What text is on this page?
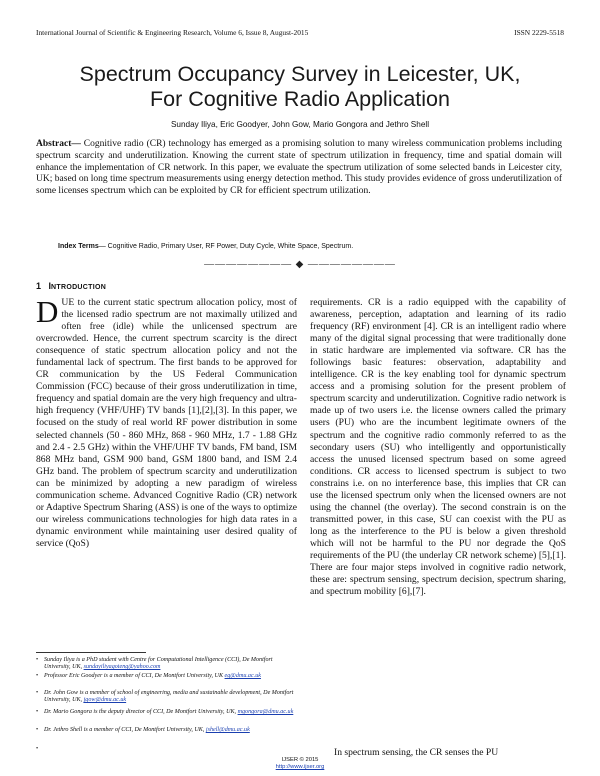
International Journal of Scientific & Engineering Research, Volume 6, Issue 8, August-2015	ISSN 2229-5518
Spectrum Occupancy Survey in Leicester, UK,
For Cognitive Radio Application
Sunday Iliya, Eric Goodyer, John Gow, Mario Gongora and Jethro Shell
Abstract— Cognitive radio (CR) technology has emerged as a promising solution to many wireless communication problems including spectrum scarcity and underutilization. Knowing the current state of spectrum utilization in frequency, time and spatial domain will enhance the implementation of CR network. In this paper, we evaluate the spectrum utilization of some selected bands in Leicester city, UK; based on long time spectrum measurements using energy detection method. This study provides evidence of gross underutilization of some licenses spectrum which can be exploited by CR for efficient spectrum utilization.
Index Terms— Cognitive Radio, Primary User, RF Power, Duty Cycle, White Space, Spectrum.
———————— ◆ ————————
1 INTRODUCTION
DUE to the current static spectrum allocation policy, most of the licensed radio spectrum are not maximally utilized and often free (idle) while the unlicensed spectrum are overcrowded. Hence, the current spectrum scarcity is the direct consequence of static spectrum allocation policy and not the fundamental lack of spectrum. The first bands to be approved for CR communication by the US Federal Communication Commission (FCC) because of their gross underutilization in time, frequency and spatial domain are the very high frequency and ultra-high frequency (VHF/UHF) TV bands [1],[2],[3]. In this paper, we focused on the study of real world RF power distribution in some selected channels (50 - 860 MHz, 868 - 960 MHz, 1.7 - 1.88 GHz and 2.4 - 2.5 GHz) within the VHF/UHF TV bands, FM band, ISM 868 MHz band, GSM 900 band, GSM 1800 band, and ISM 2.4 GHz band. The problem of spectrum scarcity and underutilization can be minimized by adopting a new paradigm of wireless communication scheme. Advanced Cognitive Radio (CR) network or Adaptive Spectrum Sharing (ASS) is one of the ways to optimize our wireless communications technologies for high data rates in a dynamic environment while maintaining user desired quality of service (QoS)
requirements. CR is a radio equipped with the capability of awareness, perception, adaptation and learning of its radio frequency (RF) environment [4]. CR is an intelligent radio where many of the digital signal processing that were traditionally done in static hardware are implemented via software. CR has the followings basic features: observation, adaptability and intelligence. CR is the key enabling tool for dynamic spectrum access and a promising solution for the present problem of spectrum scarcity and underutilization. Cognitive radio network is made up of two users i.e. the license owners called the primary users (PU) who are the incumbent legitimate owners of the spectrum and the cognitive radio commonly referred to as the secondary users (SU) who intelligently and opportunistically access the unused licensed spectrum based on some agreed conditions. CR access to licensed spectrum is subject to two constrains i.e. on no interference base, this implies that CR can use the licensed spectrum only when the licensed owners are not using the channel (the overlay). The second constrain is on the transmitted power, in this case, SU can coexist with the PU as long as the interference to the PU is below a given threshold which will not be harmful to the PU nor degrade the QoS requirements of the PU (the underlay CR network scheme) [5],[1]. There are four major steps involved in cognitive radio network, these are: spectrum sensing, spectrum decision, spectrum sharing, and spectrum mobility [6],[7].
In spectrum sensing, the CR senses the PU
• Sunday Iliya is a PhD student with Centre for Computational Intelligence (CCI), De Montfort University, UK, sundayiliyagoteng@yahoo.com
• Professor Eric Goodyer is a member of CCI, De Montfort University, UK eg@dmu.ac.uk
• Dr. John Gow is a member of school of engineering, media and sustainable development, De Montfort University, UK, jgow@dmu.ac.uk
• Dr. Mario Gongora is the deputy director of CCI, De Montfort University, UK, mgongora@dmu.ac.uk
• Dr. Jethro Shell is a member of CCI, De Montfort University, UK, jshell@dmu.ac.uk
•
IJSER © 2015
http://www.ijser.org
